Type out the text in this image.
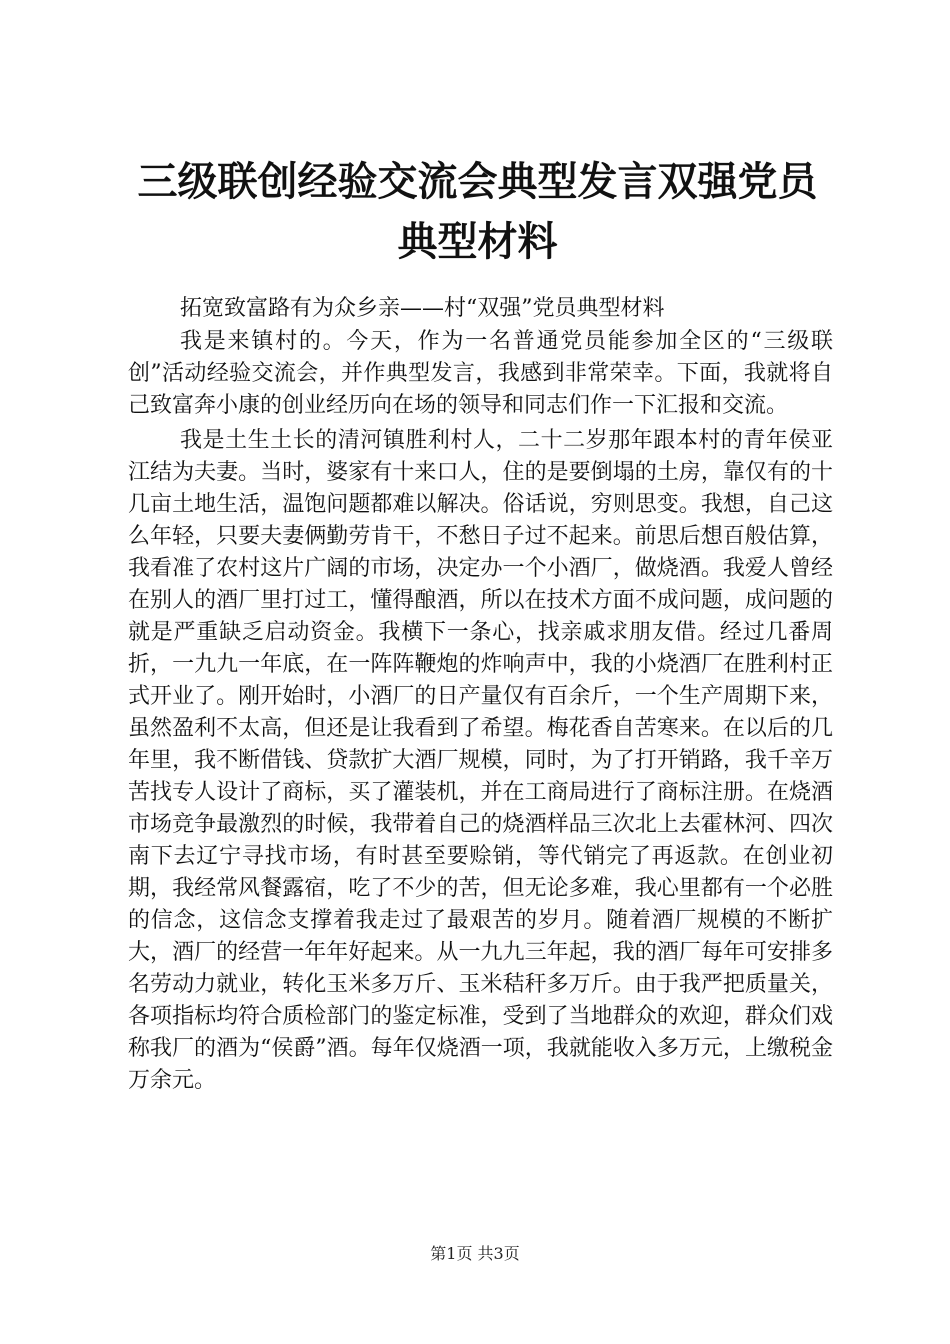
三级联创经验交流会典型发言双强党员典型材料

拓宽致富路有为众乡亲——村“双强”党员典型材料

我是来镇村的。今天，作为一名普通党员能参加全区的“三级联创”活动经验交流会，并作典型发言，我感到非常荣幸。下面，我就将自己致富奔小康的创业经历向在场的领导和同志们作一下汇报和交流。

我是土生土长的清河镇胜利村人，二十二岁那年跟本村的青年侯亚江结为夫妻。当时，婆家有十来口人，住的是要倒塌的土房，靠仅有的十几亩土地生活，温饱问题都难以解决。俗话说，穷则思变。我想，自己这么年轻，只要夫妻俩勤劳肯干，不愁日子过不起来。前思后想百般估算，我看准了农村这片广阔的市场，决定办一个小酒厂，做烧酒。我爱人曾经在别人的酒厂里打过工，懂得酿酒，所以在技术方面不成问题，成问题的就是严重缺乏启动资金。我横下一条心，找亲戚求朋友借。经过几番周折，一九九一年底，在一阵阵鞭炮的炸响声中，我的小烧酒厂在胜利村正式开业了。刚开始时，小酒厂的日产量仅有百余斤，一个生产周期下来，虽然盈利不太高，但还是让我看到了希望。梅花香自苦寒来。在以后的几年里，我不断借钱、贷款扩大酒厂规模，同时，为了打开销路，我千辛万苦找专人设计了商标，买了灌装机，并在工商局进行了商标注册。在烧酒市场竞争最激烈的时候，我带着自己的烧酒样品三次北上去霍林河、四次南下去辽宁寻找市场，有时甚至要赊销，等代销完了再返款。在创业初期，我经常风餐露宿，吃了不少的苦，但无论多难，我心里都有一个必胜的信念，这信念支撑着我走过了最艰苦的岁月。随着酒厂规模的不断扩大，酒厂的经营一年年好起来。从一九九三年起，我的酒厂每年可安排多名劳动力就业，转化玉米多万斤、玉米秸秆多万斤。由于我严把质量关，各项指标均符合质检部门的鉴定标准，受到了当地群众的欢迎，群众们戏称我厂的酒为“侯爵”酒。每年仅烧酒一项，我就能收入多万元，上缴税金万余元。

第1页 共3页
